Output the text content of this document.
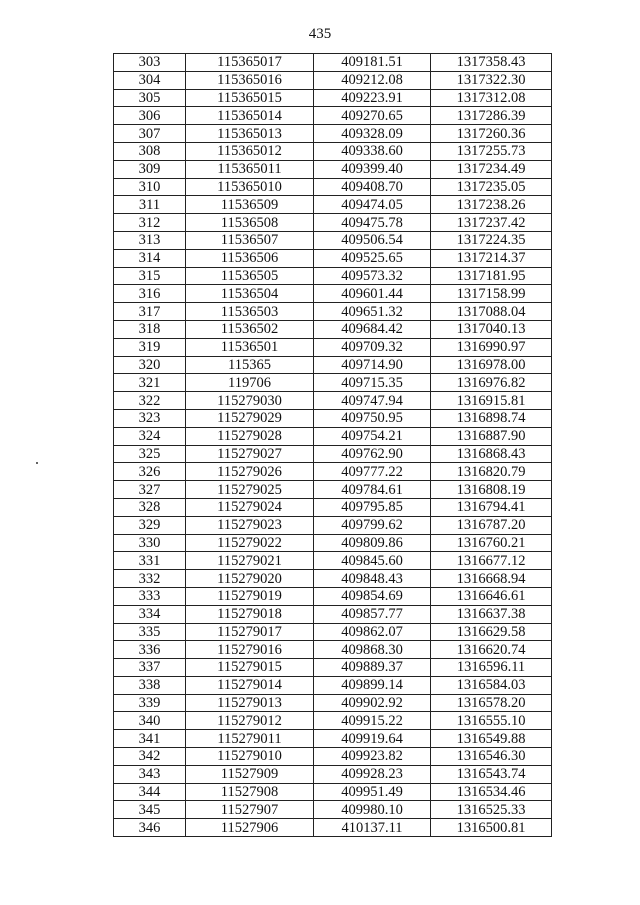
435
303	115365017	409181.51	1317358.43
304	115365016	409212.08	1317322.30
305	115365015	409223.91	1317312.08
306	115365014	409270.65	1317286.39
307	115365013	409328.09	1317260.36
308	115365012	409338.60	1317255.73
309	115365011	409399.40	1317234.49
310	115365010	409408.70	1317235.05
311	11536509	409474.05	1317238.26
312	11536508	409475.78	1317237.42
313	11536507	409506.54	1317224.35
314	11536506	409525.65	1317214.37
315	11536505	409573.32	1317181.95
316	11536504	409601.44	1317158.99
317	11536503	409651.32	1317088.04
318	11536502	409684.42	1317040.13
319	11536501	409709.32	1316990.97
320	115365	409714.90	1316978.00
321	119706	409715.35	1316976.82
322	115279030	409747.94	1316915.81
323	115279029	409750.95	1316898.74
324	115279028	409754.21	1316887.90
325	115279027	409762.90	1316868.43
326	115279026	409777.22	1316820.79
327	115279025	409784.61	1316808.19
328	115279024	409795.85	1316794.41
329	115279023	409799.62	1316787.20
330	115279022	409809.86	1316760.21
331	115279021	409845.60	1316677.12
332	115279020	409848.43	1316668.94
333	115279019	409854.69	1316646.61
334	115279018	409857.77	1316637.38
335	115279017	409862.07	1316629.58
336	115279016	409868.30	1316620.74
337	115279015	409889.37	1316596.11
338	115279014	409899.14	1316584.03
339	115279013	409902.92	1316578.20
340	115279012	409915.22	1316555.10
341	115279011	409919.64	1316549.88
342	115279010	409923.82	1316546.30
343	11527909	409928.23	1316543.74
344	11527908	409951.49	1316534.46
345	11527907	409980.10	1316525.33
346	11527906	410137.11	1316500.81
